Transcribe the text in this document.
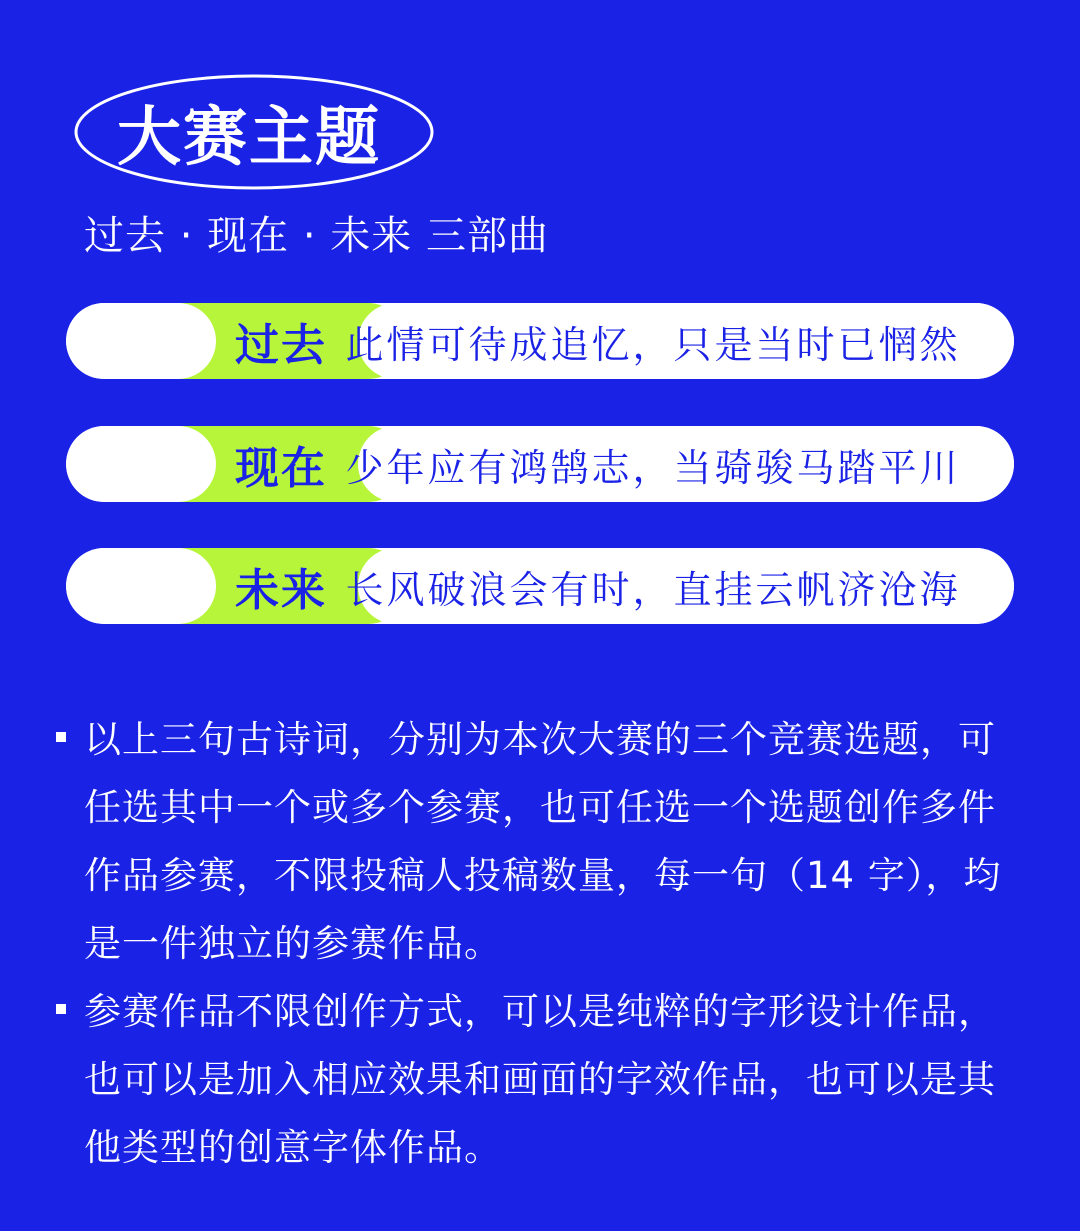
大赛主题
过去 · 现在 · 未来 三部曲
过去 此情可待成追忆，只是当时已惘然
现在 少年应有鸿鹄志，当骑骏马踏平川
未来 长风破浪会有时，直挂云帆济沧海
以上三句古诗词，分别为本次大赛的三个竞赛选题，可任选其中一个或多个参赛，也可任选一个选题创作多件作品参赛，不限投稿人投稿数量，每一句（14 字），均是一件独立的参赛作品。
参赛作品不限创作方式，可以是纯粹的字形设计作品，也可以是加入相应效果和画面的字效作品，也可以是其他类型的创意字体作品。
